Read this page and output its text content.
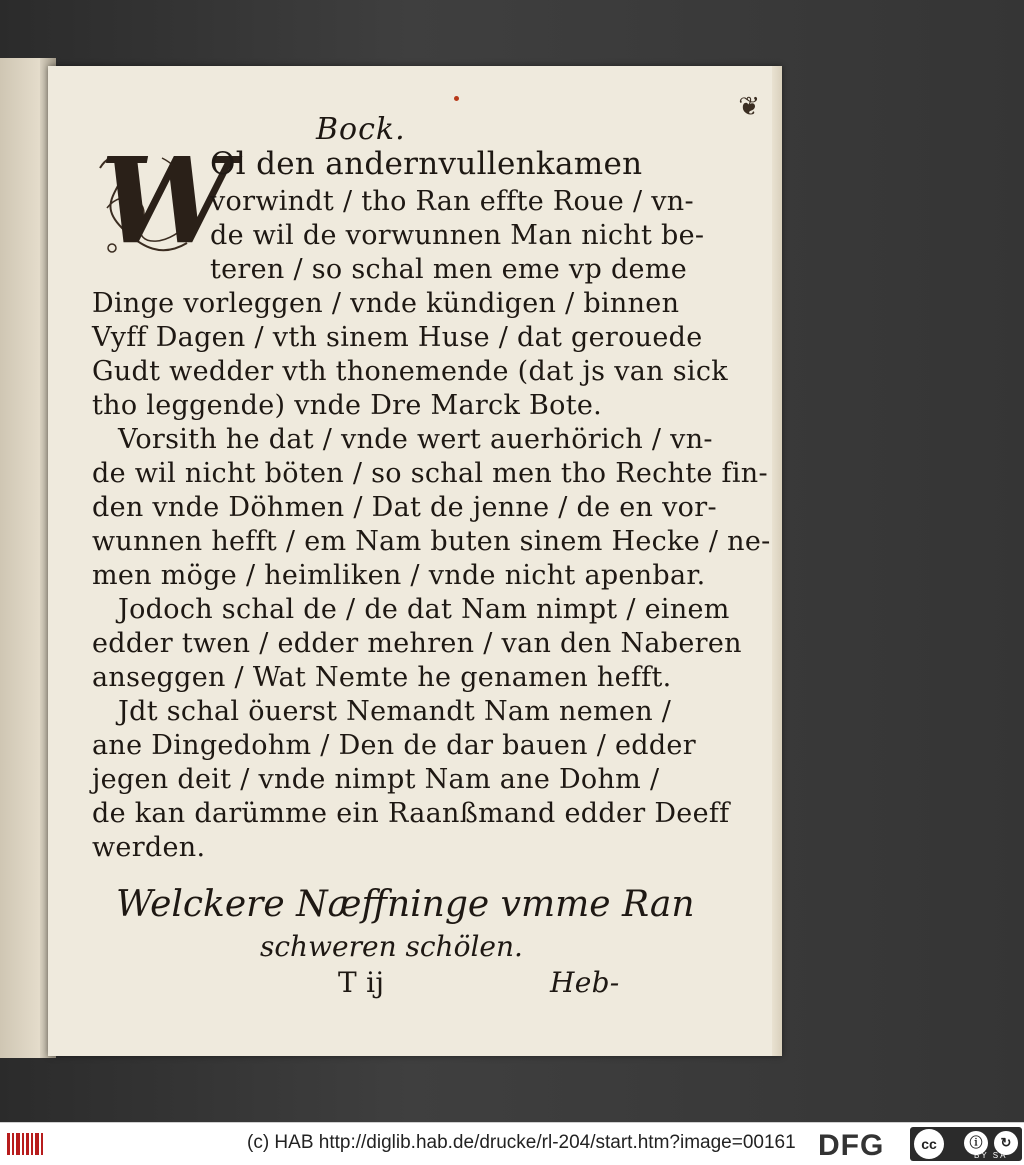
❦
Bock.
W
Ol den andernvullenkamen
vorwindt / tho Ran effte Roue / vn-
de wil de vorwunnen Man nicht be-
teren / so schal men eme vp deme
Dinge vorleggen / vnde kündigen / binnen
Vyff Dagen / vth sinem Huse / dat gerouede
Gudt wedder vth thonemende (dat js van sick
tho leggende) vnde Dre Marck Bote.
Vorsith he dat / vnde wert auerhörich / vn-
de wil nicht böten / so schal men tho Rechte fin-
den vnde Döhmen / Dat de jenne / de en vor-
wunnen hefft / em Nam buten sinem Hecke / ne-
men möge / heimliken / vnde nicht apenbar.
Jodoch schal de / de dat Nam nimpt / einem
edder twen / edder mehren / van den Naberen
anseggen / Wat Nemte he genamen hefft.
Jdt schal öuerst Nemandt Nam nemen /
ane Dingedohm / Den de dar bauen / edder
jegen deit / vnde nimpt Nam ane Dohm /
de kan darümme ein Raanßmand edder Deeff
werden.
Welckere Næffninge vmme Ran
schweren schölen.
T ij	Heb-
(c) HAB http://diglib.hab.de/drucke/rl-204/start.htm?image=00161 DFG	cc	ⓘ	↻
BY SA
